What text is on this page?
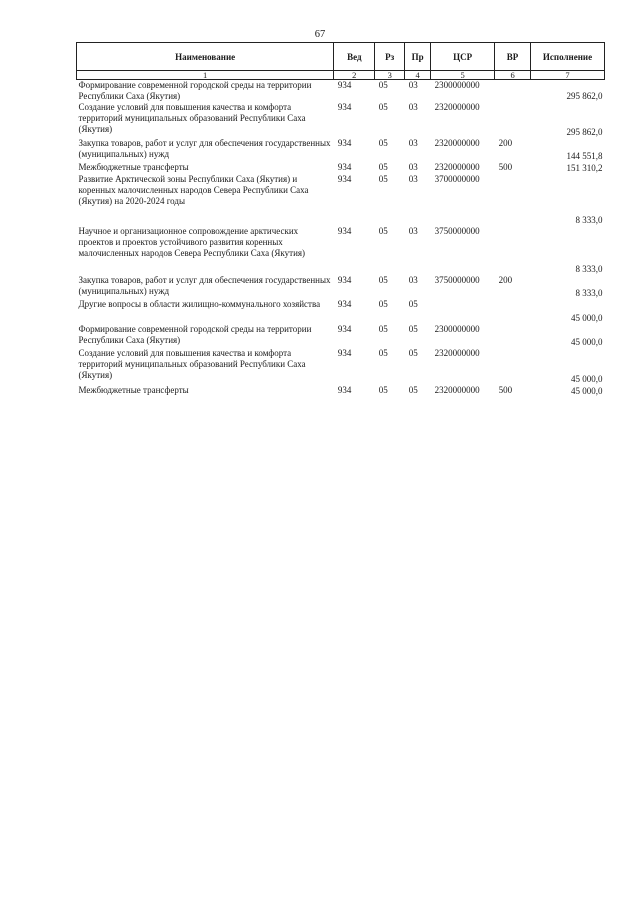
67
Наименование	Вед	Рз	Пр	ЦСР	ВР	Исполнение
1	2	3	4	5	6	7
Формирование современной городской среды на территории Республики Саха (Якутия)	934	05	03	2300000000		295 862,0
Создание условий для повышения качества и комфорта территорий муниципальных образований Республики Саха (Якутия)	934	05	03	2320000000		295 862,0
Закупка товаров, работ и услуг для обеспечения государственных (муниципальных) нужд	934	05	03	2320000000	200	144 551,8
Межбюджетные трансферты	934	05	03	2320000000	500	151 310,2
Развитие Арктической зоны Республики Саха (Якутия) и коренных малочисленных народов Севера Республики Саха (Якутия) на 2020-2024 годы	934	05	03	3700000000		8 333,0
Научное и организационное сопровождение арктических проектов и проектов устойчивого развития коренных малочисленных народов Севера Республики Саха (Якутия)	934	05	03	3750000000		8 333,0
Закупка товаров, работ и услуг для обеспечения государственных (муниципальных) нужд	934	05	03	3750000000	200	8 333,0
Другие вопросы в области жилищно-коммунального хозяйства	934	05	05			45 000,0
Формирование современной городской среды на территории Республики Саха (Якутия)	934	05	05	2300000000		45 000,0
Создание условий для повышения качества и комфорта территорий муниципальных образований Республики Саха (Якутия)	934	05	05	2320000000		45 000,0
Межбюджетные трансферты	934	05	05	2320000000	500	45 000,0
